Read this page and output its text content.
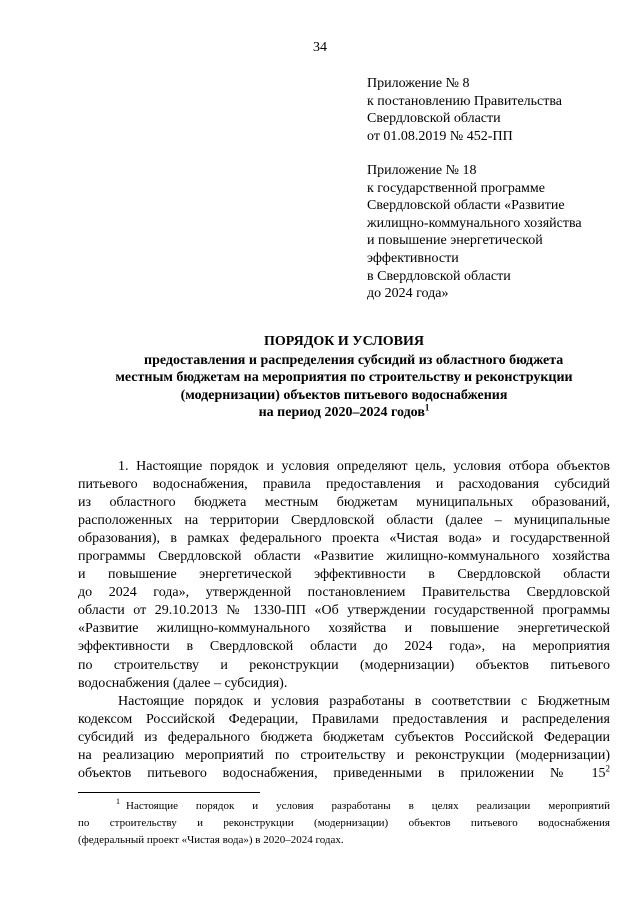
34
Приложение № 8
к постановлению Правительства
Свердловской области
от 01.08.2019 № 452-ПП
Приложение № 18
к государственной программе
Свердловской области «Развитие
жилищно-коммунального хозяйства
и повышение энергетической
эффективности
в Свердловской области
до 2024 года»
ПОРЯДОК И УСЛОВИЯ
предоставления и распределения субсидий из областного бюджета
местным бюджетам на мероприятия по строительству и реконструкции
(модернизации) объектов питьевого водоснабжения
на период 2020–2024 годов$^1$
1. Настоящие порядок и условия определяют цель, условия отбора объектов
питьевого водоснабжения, правила предоставления и расходования субсидий
из областного бюджета местным бюджетам муниципальных образований,
расположенных на территории Свердловской области (далее – муниципальные
образования), в рамках федерального проекта «Чистая вода» и государственной
программы Свердловской области «Развитие жилищно-коммунального хозяйства
и повышение энергетической эффективности в Свердловской области
до 2024 года», утвержденной постановлением Правительства Свердловской
области от 29.10.2013 № 1330-ПП «Об утверждении государственной программы
«Развитие жилищно-коммунального хозяйства и повышение энергетической
эффективности в Свердловской области до 2024 года», на мероприятия
по строительству и реконструкции (модернизации) объектов питьевого
водоснабжения (далее – субсидия).
Настоящие порядок и условия разработаны в соответствии с Бюджетным
кодексом Российской Федерации, Правилами предоставления и распределения
субсидий из федерального бюджета бюджетам субъектов Российской Федерации
на реализацию мероприятий по строительству и реконструкции (модернизации)
объектов питьевого водоснабжения, приведенными в приложении № $15^2$
$^1$ Настоящие порядок и условия разработаны в целях реализации мероприятий
по строительству и реконструкции (модернизации) объектов питьевого водоснабжения
(федеральный проект «Чистая вода») в 2020–2024 годах.
